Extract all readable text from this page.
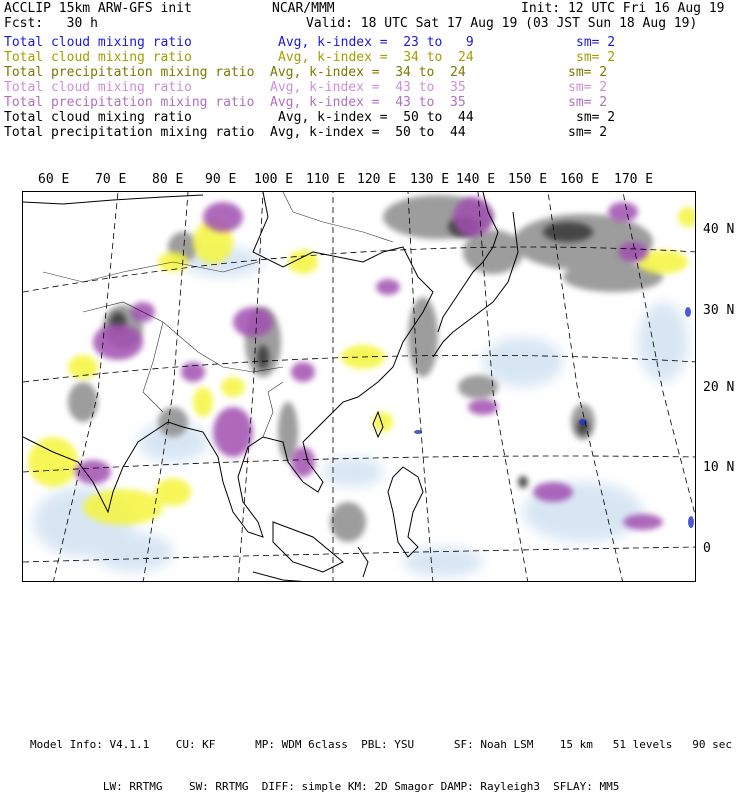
ACCLIP 15km ARW-GFS init	NCAR/MMM	Init: 12 UTC Fri 16 Aug 19
Fcst:   30 h	Valid: 18 UTC Sat 17 Aug 19 (03 JST Sun 18 Aug 19)
Total cloud mixing ratio	Avg, k-index =  23 to   9	sm= 2
Total cloud mixing ratio	Avg, k-index =  34 to  24	sm= 2
Total precipitation mixing ratio Avg, k-index =  34 to  24	sm= 2
Total cloud mixing ratio	Avg, k-index =  43 to  35	sm= 2
Total precipitation mixing ratio Avg, k-index =  43 to  35	sm= 2
Total cloud mixing ratio	Avg, k-index =  50 to  44	sm= 2
Total precipitation mixing ratio Avg, k-index =  50 to  44	sm= 2
60 E 70 E 80 E 90 E 100 E 110 E 120 E 130 E 140 E 150 E 160 E 170 E
40 N
30 N
20 N
10 N
0

Model Info: V4.1.1    CU: KF      MP: WDM 6class  PBL: YSU      SF: Noah LSM    15 km   51 levels   90 sec

LW: RRTMG    SW: RRTMG  DIFF: simple KM: 2D Smagor DAMP: Rayleigh3  SFLAY: MM5
